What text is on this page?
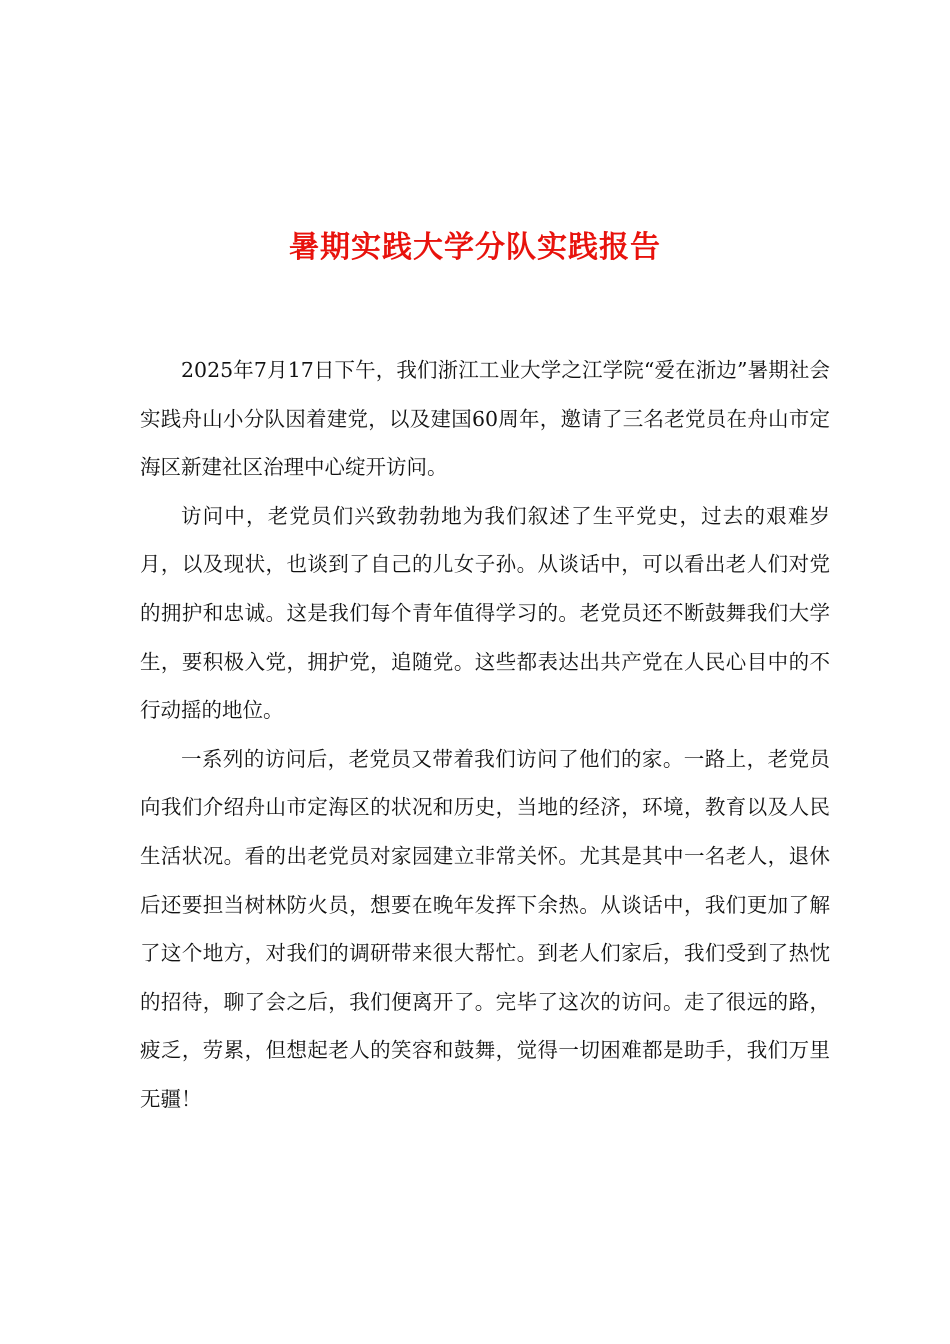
暑期实践大学分队实践报告

2025年7月17日下午，我们浙江工业大学之江学院“爱在浙边”暑期社会实践舟山小分队因着建党，以及建国60周年，邀请了三名老党员在舟山市定海区新建社区治理中心绽开访问。

访问中，老党员们兴致勃勃地为我们叙述了生平党史，过去的艰难岁月，以及现状，也谈到了自己的儿女子孙。从谈话中，可以看出老人们对党的拥护和忠诚。这是我们每个青年值得学习的。老党员还不断鼓舞我们大学生，要积极入党，拥护党，追随党。这些都表达出共产党在人民心目中的不行动摇的地位。

一系列的访问后，老党员又带着我们访问了他们的家。一路上，老党员向我们介绍舟山市定海区的状况和历史，当地的经济，环境，教育以及人民生活状况。看的出老党员对家园建立非常关怀。尤其是其中一名老人，退休后还要担当树林防火员，想要在晚年发挥下余热。从谈话中，我们更加了解了这个地方，对我们的调研带来很大帮忙。到老人们家后，我们受到了热忱的招待，聊了会之后，我们便离开了。完毕了这次的访问。走了很远的路，疲乏，劳累，但想起老人的笑容和鼓舞，觉得一切困难都是助手，我们万里无疆！
